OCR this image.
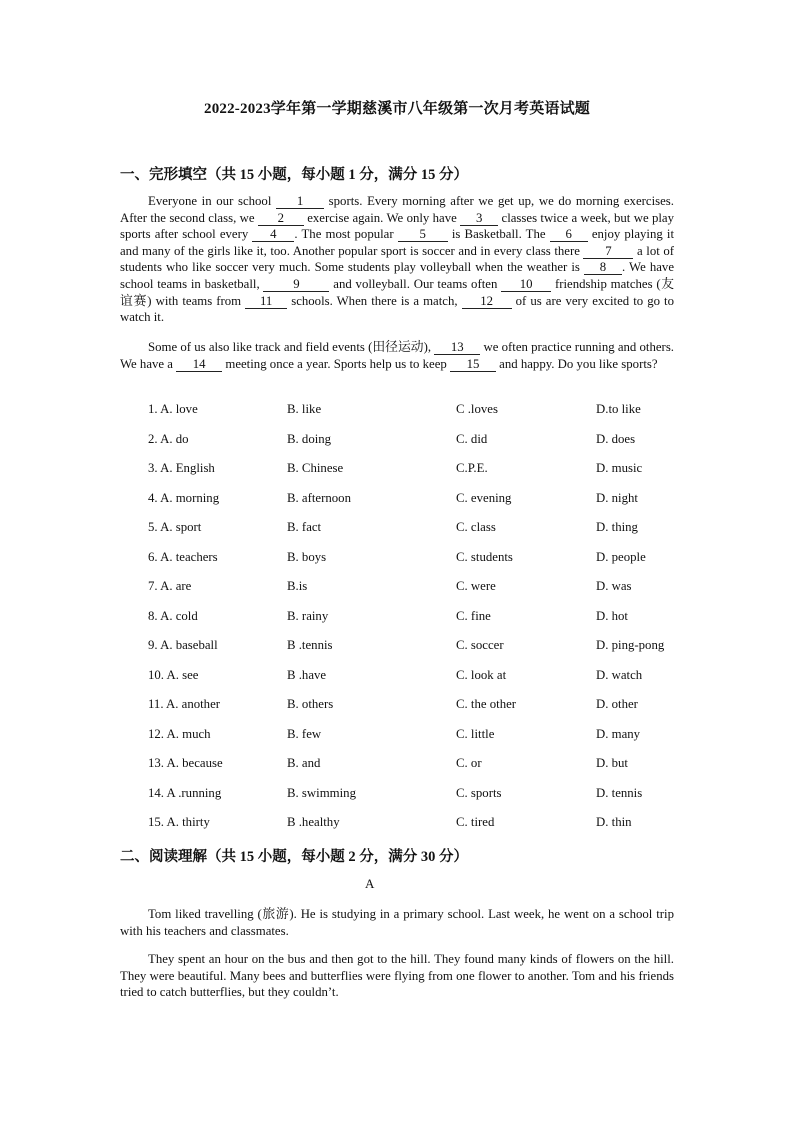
2022-2023学年第一学期慈溪市八年级第一次月考英语试题
一、完形填空（共 15 小题，每小题 1 分，满分 15 分）
Everyone in our school 1 sports. Every morning after we get up, we do morning exercises. After the second class, we 2 exercise again. We only have 3 classes twice a week, but we play sports after school every 4 . The most popular 5 is Basketball. The 6 enjoy playing it and many of the girls like it, too. Another popular sport is soccer and in every class there 7 a lot of students who like soccer very much. Some students play volleyball when the weather is 8 . We have school teams in basketball, 9 and volleyball. Our teams often 10 friendship matches (友谊赛) with teams from 11 schools. When there is a match, 12 of us are very excited to go to watch it.
Some of us also like track and field events (田径运动), 13 we often practice running and others. We have a 14 meeting once a year. Sports help us to keep 15 and happy. Do you like sports?
1. A. love	B. like	C .loves	D.to like
2. A. do	B. doing	C. did	D. does
3. A. English	B. Chinese	C.P.E.	D. music
4. A. morning	B. afternoon	C. evening	D. night
5. A. sport	B. fact	C. class	D. thing
6. A. teachers	B. boys	C. students	D. people
7. A. are	B.is	C. were	D. was
8. A. cold	B. rainy	C. fine	D. hot
9. A. baseball	B .tennis	C. soccer	D. ping-pong
10. A. see	B .have	C. look at	D. watch
11. A. another	B. others	C. the other	D. other
12. A. much	B. few	C. little	D. many
13. A. because	B. and	C. or	D. but
14. A .running	B. swimming	C. sports	D. tennis
15. A. thirty	B .healthy	C. tired	D. thin
二、阅读理解（共 15 小题，每小题 2 分，满分 30 分）
A
Tom liked travelling (旅游). He is studying in a primary school. Last week, he went on a school trip with his teachers and classmates.
They spent an hour on the bus and then got to the hill. They found many kinds of flowers on the hill. They were beautiful. Many bees and butterflies were flying from one flower to another. Tom and his friends tried to catch butterflies, but they couldn’t.
